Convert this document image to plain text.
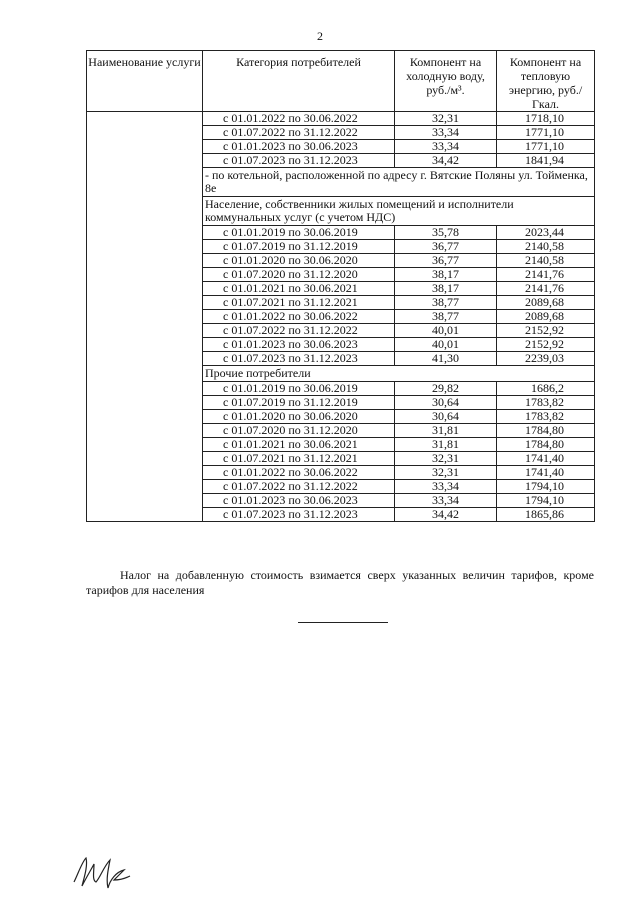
2
Наименование услуги	Категория потребителей	Компонент на холодную воду, руб./м³.	Компонент на тепловую энергию, руб./Гкал.
	с 01.01.2022 по 30.06.2022	32,31	1718,10
	с 01.07.2022 по 31.12.2022	33,34	1771,10
	с 01.01.2023 по 30.06.2023	33,34	1771,10
	с 01.07.2023 по 31.12.2023	34,42	1841,94
	- по котельной, расположенной по адресу г. Вятские Поляны ул. Тойменка, 8е		
	Население, собственники жилых помещений и исполнители коммунальных услуг (с учетом НДС)		
	с 01.01.2019 по 30.06.2019	35,78	2023,44
	с 01.07.2019 по 31.12.2019	36,77	2140,58
	с 01.01.2020 по 30.06.2020	36,77	2140,58
	с 01.07.2020 по 31.12.2020	38,17	2141,76
	с 01.01.2021 по 30.06.2021	38,17	2141,76
	с 01.07.2021 по 31.12.2021	38,77	2089,68
	с 01.01.2022 по 30.06.2022	38,77	2089,68
	с 01.07.2022 по 31.12.2022	40,01	2152,92
	с 01.01.2023 по 30.06.2023	40,01	2152,92
	с 01.07.2023 по 31.12.2023	41,30	2239,03
	Прочие потребители		
	с 01.01.2019 по 30.06.2019	29,82	1686,2
	с 01.07.2019 по 31.12.2019	30,64	1783,82
	с 01.01.2020 по 30.06.2020	30,64	1783,82
	с 01.07.2020 по 31.12.2020	31,81	1784,80
	с 01.01.2021 по 30.06.2021	31,81	1784,80
	с 01.07.2021 по 31.12.2021	32,31	1741,40
	с 01.01.2022 по 30.06.2022	32,31	1741,40
	с 01.07.2022 по 31.12.2022	33,34	1794,10
	с 01.01.2023 по 30.06.2023	33,34	1794,10
	с 01.07.2023 по 31.12.2023	34,42	1865,86
Налог на добавленную стоимость взимается сверх указанных величин тарифов, кроме тарифов для населения
